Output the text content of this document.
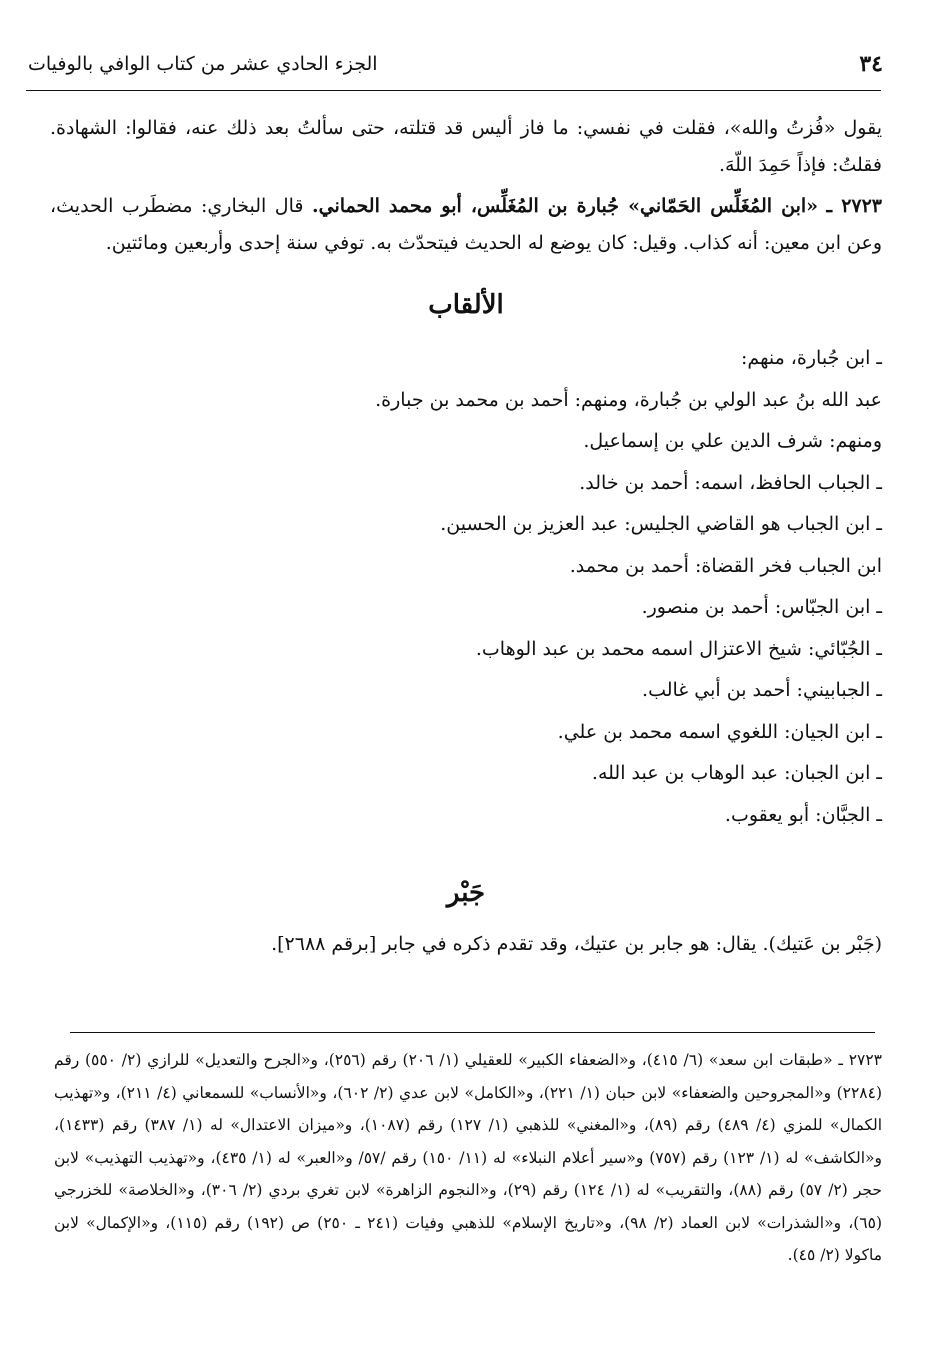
٣٤
الجزء الحادي عشر من كتاب الوافي بالوفيات

يقول «فُزتُ والله»، فقلت في نفسي: ما فاز أليس قد قتلته، حتى سألتُ بعد ذلك عنه، فقالوا: الشهادة. فقلتُ: فإذاً حَمِدَ اللّهَ.

٢٧٢٣ ـ «ابن المُغَلِّس الحَمّاني» جُبارة بن المُغَلِّس، أبو محمد الحماني. قال البخاري: مضطَرب الحديث، وعن ابن معين: أنه كذاب. وقيل: كان يوضع له الحديث فيتحدّث به. توفي سنة إحدى وأربعين ومائتين.

الألقاب

ـ ابن جُبارة، منهم:
عبد الله بنُ عبد الولي بن جُبارة، ومنهم: أحمد بن محمد بن جبارة.
ومنهم: شرف الدين علي بن إسماعيل.
ـ الجباب الحافظ، اسمه: أحمد بن خالد.
ـ ابن الجباب هو القاضي الجليس: عبد العزيز بن الحسين.
ابن الجباب فخر القضاة: أحمد بن محمد.
ـ ابن الجبّاس: أحمد بن منصور.
ـ الجُبّائي: شيخ الاعتزال اسمه محمد بن عبد الوهاب.
ـ الجبابيني: أحمد بن أبي غالب.
ـ ابن الجيان: اللغوي اسمه محمد بن علي.
ـ ابن الجبان: عبد الوهاب بن عبد الله.
ـ الجبَّان: أبو يعقوب.

جَبْر

(جَبْر بن عَتيك). يقال: هو جابر بن عتيك، وقد تقدم ذكره في جابر [برقم ٢٦٨٨].

٢٧٢٣ ـ «طبقات ابن سعد» (٦/ ٤١٥)، و«الضعفاء الكبير» للعقيلي (١/ ٢٠٦) رقم (٢٥٦)، و«الجرح والتعديل» للرازي (٢/ ٥٥٠) رقم (٢٢٨٤) و«المجروحين والضعفاء» لابن حبان (١/ ٢٢١)، و«الكامل» لابن عدي (٢/ ٦٠٢)، و«الأنساب» للسمعاني (٤/ ٢١١)، و«تهذيب الكمال» للمزي (٤/ ٤٨٩) رقم (٨٩)، و«المغني» للذهبي (١/ ١٢٧) رقم (١٠٨٧)، و«ميزان الاعتدال» له (١/ ٣٨٧) رقم (١٤٣٣)، و«الكاشف» له (١/ ١٢٣) رقم (٧٥٧) و«سير أعلام النبلاء» له (١١/ ١٥٠) رقم /٥٧/ و«العبر» له (١/ ٤٣٥)، و«تهذيب التهذيب» لابن حجر (٢/ ٥٧) رقم (٨٨)، والتقريب» له (١/ ١٢٤) رقم (٢٩)، و«النجوم الزاهرة» لابن تغري بردي (٢/ ٣٠٦)، و«الخلاصة» للخزرجي (٦٥)، و«الشذرات» لابن العماد (٢/ ٩٨)، و«تاريخ الإسلام» للذهبي وفيات (٢٤١ ـ ٢٥٠) ص (١٩٢) رقم (١١٥)، و«الإكمال» لابن ماكولا (٢/ ٤٥).
